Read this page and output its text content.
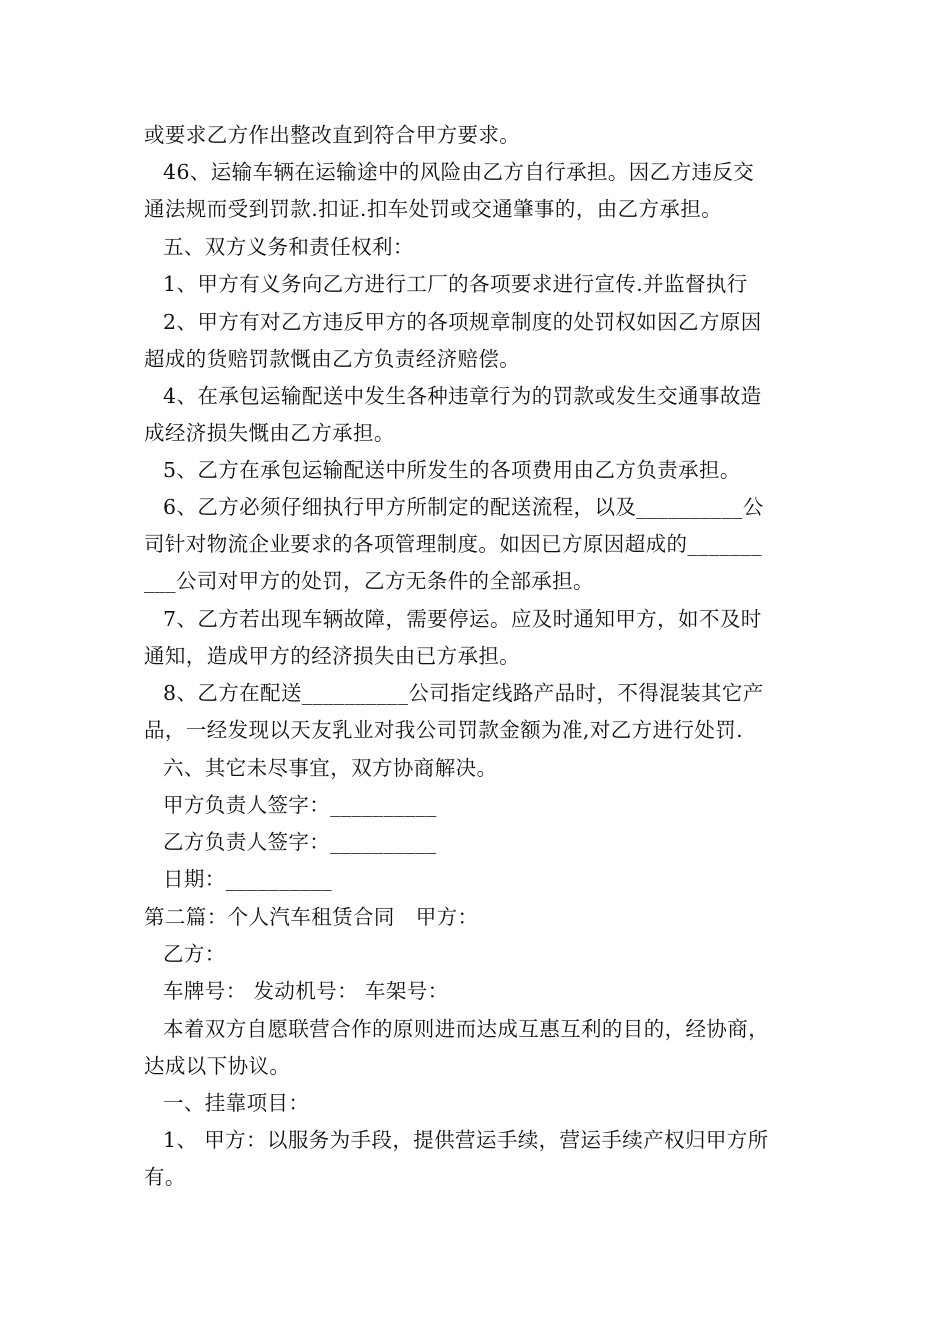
或要求乙方作出整改直到符合甲方要求。
46、运输车辆在运输途中的风险由乙方自行承担。因乙方违反交
通法规而受到罚款.扣证.扣车处罚或交通肇事的，由乙方承担。
五、双方义务和责任权利：
1、甲方有义务向乙方进行工厂的各项要求进行宣传.并监督执行
2、甲方有对乙方违反甲方的各项规章制度的处罚权如因乙方原因
超成的货赔罚款慨由乙方负责经济赔偿。
4、在承包运输配送中发生各种违章行为的罚款或发生交通事故造
成经济损失慨由乙方承担。
5、乙方在承包运输配送中所发生的各项费用由乙方负责承担。
6、乙方必须仔细执行甲方所制定的配送流程，以及__________公
司针对物流企业要求的各项管理制度。如因已方原因超成的_______
___公司对甲方的处罚，乙方无条件的全部承担。
7、乙方若出现车辆故障，需要停运。应及时通知甲方，如不及时
通知，造成甲方的经济损失由已方承担。
8、乙方在配送__________公司指定线路产品时，不得混装其它产
品，一经发现以天友乳业对我公司罚款金额为准,对乙方进行处罚.
六、其它未尽事宜，双方协商解决。
甲方负责人签字：__________
乙方负责人签字：__________
日期：__________
第二篇：个人汽车租赁合同　甲方：
乙方：
车牌号： 发动机号： 车架号：
本着双方自愿联营合作的原则进而达成互惠互利的目的，经协商，
达成以下协议。
一、挂靠项目：
1、 甲方：以服务为手段，提供营运手续，营运手续产权归甲方所
有。
